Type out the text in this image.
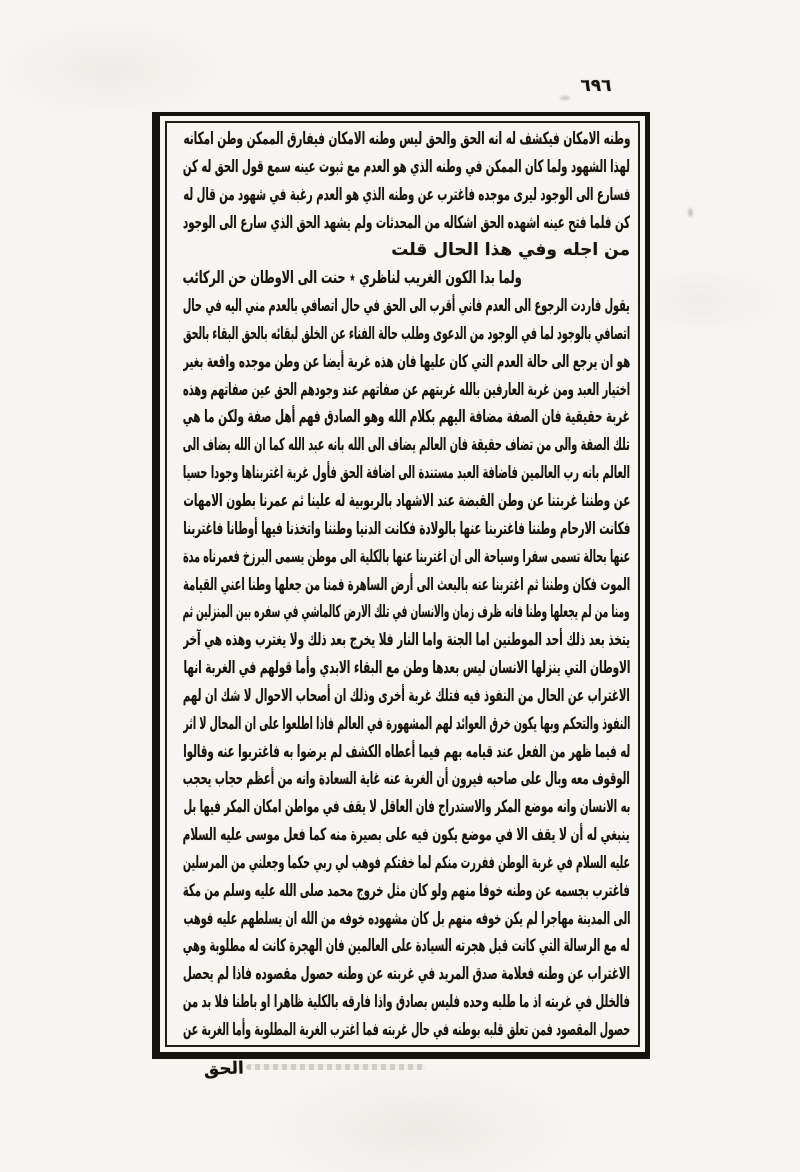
٦٩٦
وطنه الامكان فيكشف له انه الحق والحق ليس وطنه الامكان فيفارق الممكن وطن امكانه
لهذا الشهود ولما كان الممكن في وطنه الذي هو العدم مع ثبوت عينه سمع قول الحق له كن
فسارع الى الوجود ليرى موجده فاغترب عن وطنه الذي هو العدم رغبة في شهود من قال له
كن فلما فتح عينه اشهده الحق اشكاله من المحدثات ولم يشهد الحق الذي سارع الى الوجود
من اجله وفي هذا الحال قلت
ولما بدا الكون الغريب لناظري ٭ حنت الى الاوطان حن الركائب
يقول فاردت الرجوع الى العدم فاني أقرب الى الحق في حال اتصافي بالعدم مني اليه في حال
اتصافي بالوجود لما في الوجود من الدعوى وطلب حالة الفناء عن الخلق لبقائه بالحق البقاء بالحق
هو ان يرجع الى حالة العدم التي كان عليها فان هذه غربة أيضا عن وطن موجده واقعة بغير
اختيار العبد ومن غربة العارفين بالله غربتهم عن صفاتهم عند وجودهم الحق عين صفاتهم وهذه
غربة حقيقية فان الصفة مضافة اليهم بكلام الله وهو الصادق فهم أهل صفة ولكن ما هي
تلك الصفة والى من تضاف حقيقة فان العالم يضاف الى الله بانه عبد الله كما ان الله يضاف الى
العالم بانه رب العالمين فاضافة العبد مستندة الى اضافة الحق فأول غربة اغتربناها وجودا حسيا
عن وطننا غربتنا عن وطن القبضة عند الاشهاد بالربوبية له علينا ثم عمرنا بطون الامهات
فكانت الارحام وطننا فاغتربنا عنها بالولادة فكانت الدنيا وطننا واتخذنا فيها أوطانا فاغتربنا
عنها بحالة تسمى سفرا وسياحة الى ان اغتربنا عنها بالكلية الى موطن يسمى البرزخ فعمرناه مدة
الموت فكان وطننا ثم اغتربنا عنه بالبعث الى أرض الساهرة فمنا من جعلها وطنا اعني القيامة
ومنا من لم يجعلها وطنا فانه ظرف زمان والانسان في تلك الارض كالماشي في سفره بين المنزلين ثم
يتخذ بعد ذلك أحد الموطنين اما الجنة واما النار فلا يخرج بعد ذلك ولا يغترب وهذه هي آخر
الاوطان التي ينزلها الانسان ليس بعدها وطن مع البقاء الابدي وأما قولهم في الغربة انها
الاغتراب عن الحال من النفوذ فيه فتلك غربة أخرى وذلك ان أصحاب الاحوال لا شك ان لهم
النفوذ والتحكم وبها يكون خرق العوائد لهم المشهورة في العالم فاذا اطلعوا على ان المحال لا اثر
له فيما ظهر من الفعل عند قيامه بهم فيما أعطاه الكشف لم يرضوا به فاغتربوا عنه وقالوا
الوقوف معه وبال على صاحبه فيرون أن الغربة عنه غاية السعادة وانه من أعظم حجاب يحجب
به الانسان وانه موضع المكر والاستدراج فان العاقل لا يقف في مواطن امكان المكر فيها بل
ينبغي له أن لا يقف الا في موضع يكون فيه على بصيرة منه كما فعل موسى عليه السلام
عليه السلام في غربة الوطن ففررت منكم لما خفتكم فوهب لي ربي حكما وجعلني من المرسلين
فاغترب بجسمه عن وطنه خوفا منهم ولو كان مثل خروج محمد صلى الله عليه وسلم من مكة
الى المدينة مهاجرا لم يكن خوفه منهم بل كان مشهوده خوفه من الله ان يسلطهم عليه فوهب
له مع الرسالة التي كانت قبل هجرته السيادة على العالمين فان الهجرة كانت له مطلوبة وهي
الاغتراب عن وطنه فعلامة صدق المريد في غربته عن وطنه حصول مقصوده فاذا لم يحصل
فالخلل في غربته اذ ما طلبه وحده فليس بصادق واذا فارقه بالكلية ظاهرا او باطنا فلا بد من
حصول المقصود فمن تعلق قلبه بوطنه في حال غربته فما اغترب الغربة المطلوبة وأما الغربة عن
الحق
